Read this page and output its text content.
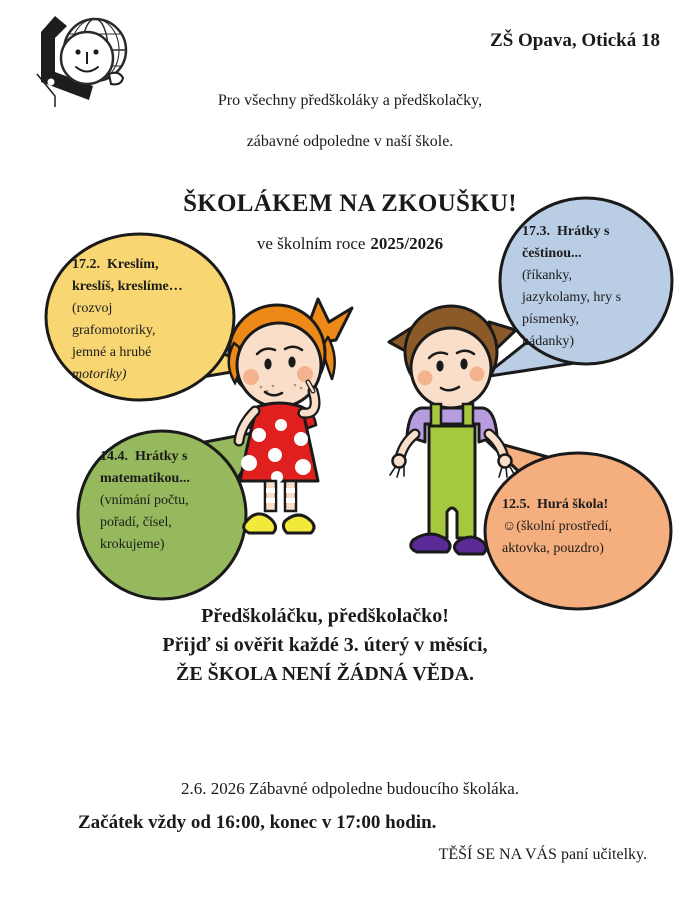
ZŠ Opava, Otická 18
Pro všechny předškoláky a předškolačky,
zábavné odpoledne v naší škole.
ŠKOLÁKEM NA ZKOUŠKU!
ve školním roce 2025/2026
17.2.  Kreslím,
kreslíš, kreslíme…
(rozvoj
grafomotoriky,
jemné a hrubé
motoriky)
17.3.  Hrátky s
češtinou...
(říkanky,
jazykolamy, hry s
písmenky,
hádanky)
14.4.  Hrátky s
matematikou...
(vnímání počtu,
pořadí, čísel,
krokujeme)
12.5.  Hurá škola!
☺(školní prostředí,
aktovka, pouzdro)
Předškoláčku, předškolačko!
Přijď si ověřit každé 3. úterý v měsíci,
ŽE ŠKOLA NENÍ ŽÁDNÁ VĚDA.
2.6. 2026 Zábavné odpoledne budoucího školáka.
Začátek vždy od 16:00, konec v 17:00 hodin.
TĚŠÍ SE NA VÁS paní učitelky.
